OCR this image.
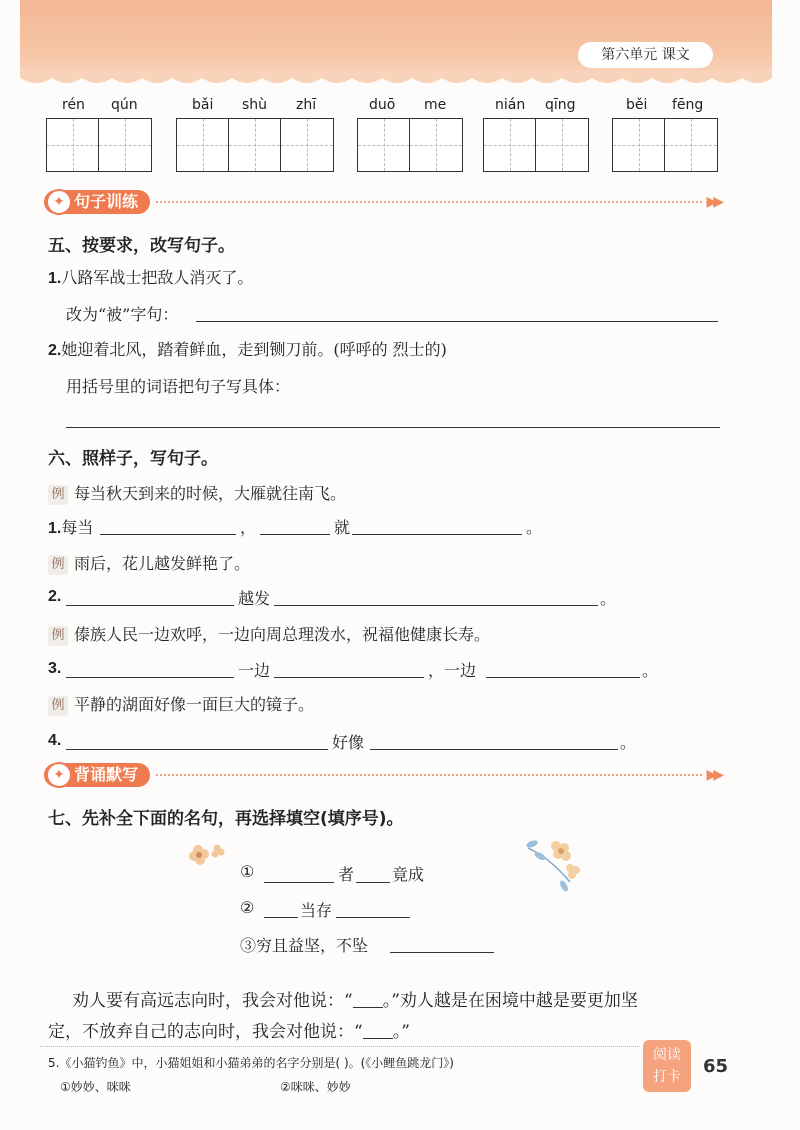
第六单元 课文
rén qún	bǎi shù zhī	duō me	nián qīng	běi fēng
✦ 句子训练	▶▶
五、按要求，改写句子。
1.八路军战士把敌人消灭了。
改为“被”字句：
2.她迎着北风，踏着鲜血，走到铡刀前。(呼呼的 烈士的)
用括号里的词语把句子写具体：
六、照样子，写句子。
例 每当秋天到来的时候，大雁就往南飞。
1.每当	，	就	。
例 雨后，花儿越发鲜艳了。
2.	越发	。
例 傣族人民一边欢呼，一边向周总理泼水，祝福他健康长寿。
3.	一边	，一边	。
例 平静的湖面好像一面巨大的镜子。
4.	好像	。
✦ 背诵默写	▶▶
七、先补全下面的名句，再选择填空(填序号)。
①	者 竟成
②	当存
③穷且益坚，不坠
劝人要有高远志向时，我会对他说：“ 。”劝人越是在困境中越是要更加坚
定，不放弃自己的志向时，我会对他说：“ 。”
5.《小猫钓鱼》中，小猫姐姐和小猫弟弟的名字分别是( )。(《小鲤鱼跳龙门》)
①妙妙、咪咪	②咪咪、妙妙
阅读
打卡	65
